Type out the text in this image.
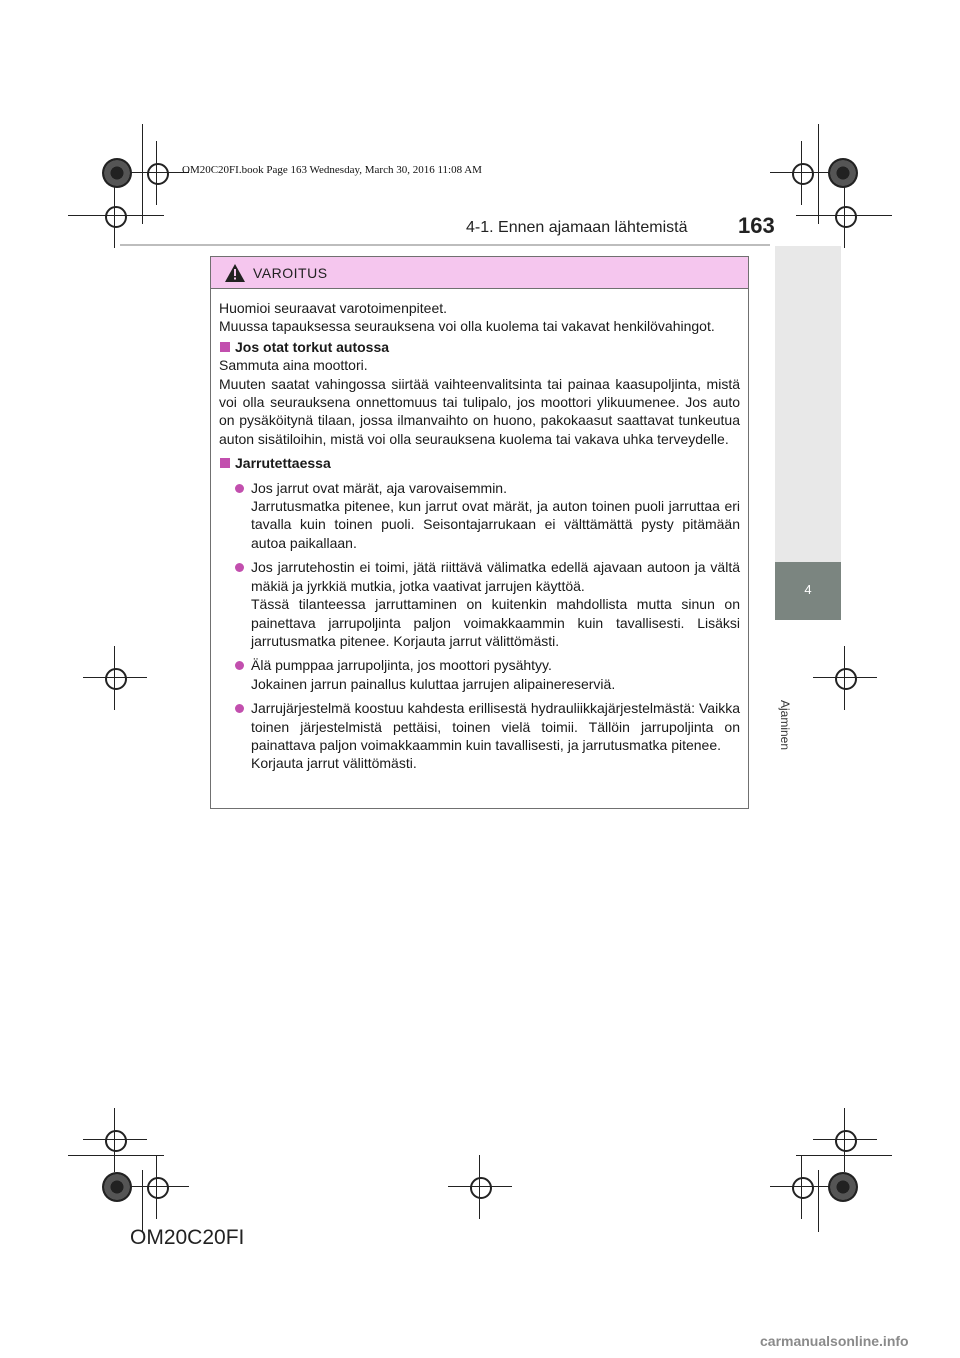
OM20C20FI.book Page 163 Wednesday, March 30, 2016 11:08 AM
4-1. Ennen ajamaan lähtemistä 163
4
Ajaminen
VAROITUS

Huomioi seuraavat varotoimenpiteet.

Muussa tapauksessa seurauksena voi olla kuolema tai vakavat henkilövahingot.

Jos otat torkut autossa

Sammuta aina moottori.

Muuten saatat vahingossa siirtää vaihteenvalitsinta tai painaa kaasupoljinta, mistä voi olla seurauksena onnettomuus tai tulipalo, jos moottori ylikuumenee. Jos auto on pysäköitynä tilaan, jossa ilmanvaihto on huono, pakokaasut saattavat tunkeutua auton sisätiloihin, mistä voi olla seurauksena kuolema tai vakava uhka terveydelle.

Jarrutettaessa

Jos jarrut ovat märät, aja varovaisemmin.

Jarrutusmatka pitenee, kun jarrut ovat märät, ja auton toinen puoli jarruttaa eri tavalla kuin toinen puoli. Seisontajarrukaan ei välttämättä pysty pitämään autoa paikallaan.

Jos jarrutehostin ei toimi, jätä riittävä välimatka edellä ajavaan autoon ja vältä mäkiä ja jyrkkiä mutkia, jotka vaativat jarrujen käyttöä.

Tässä tilanteessa jarruttaminen on kuitenkin mahdollista mutta sinun on painettava jarrupoljinta paljon voimakkaammin kuin tavallisesti. Lisäksi jarrutusmatka pitenee. Korjauta jarrut välittömästi.

Älä pumppaa jarrupoljinta, jos moottori pysähtyy.

Jokainen jarrun painallus kuluttaa jarrujen alipainereserviä.

Jarrujärjestelmä koostuu kahdesta erillisestä hydrauliikkajärjestelmästä: Vaikka toinen järjestelmistä pettäisi, toinen vielä toimii. Tällöin jarrupoljinta on painattava paljon voimakkaammin kuin tavallisesti, ja jarrutusmatka pitenee.

Korjauta jarrut välittömästi.

OM20C20FI
carmanualsonline.info
